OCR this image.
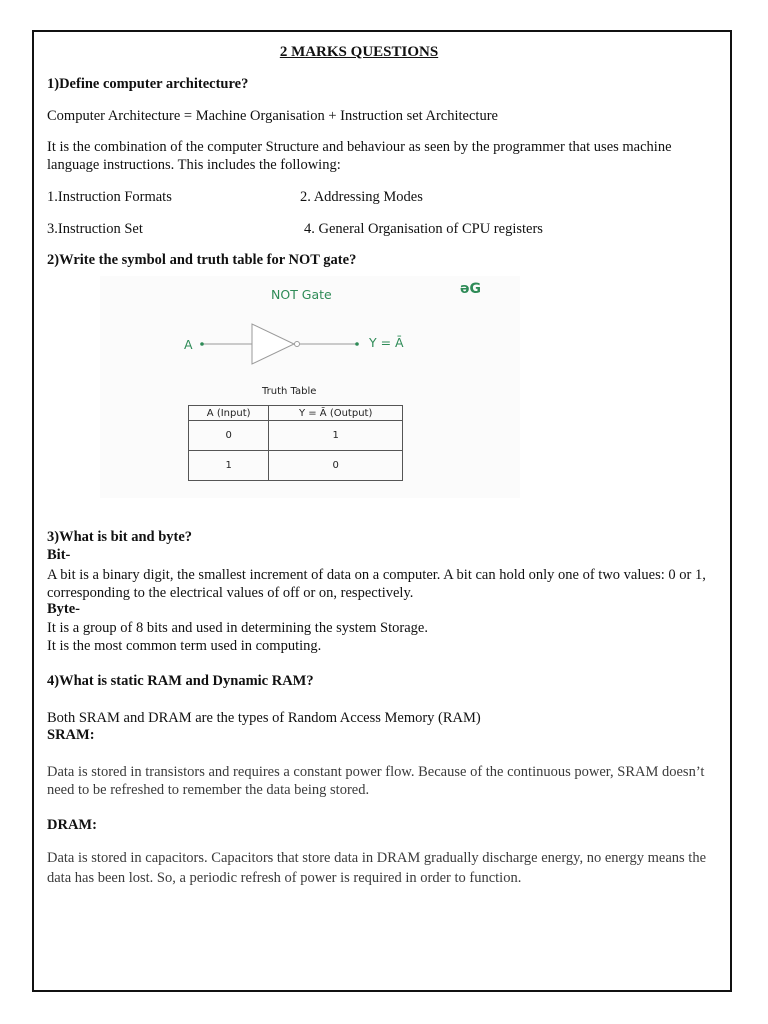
2 MARKS QUESTIONS
1)Define computer architecture?
Computer Architecture = Machine Organisation + Instruction set Architecture
It is the combination of the computer Structure and behaviour as seen by the programmer that uses machine language instructions. This includes the following:
1.Instruction Formats	2. Addressing Modes
3.Instruction Set	4. General Organisation of CPU registers
2)Write the symbol and truth table for NOT gate?
NOT Gate	əG
A	Y = Ā
Truth Table
A (Input)	Y = Ā (Output)
0	1
1	0
3)What is bit and byte?
Bit-
A bit is a binary digit, the smallest increment of data on a computer. A bit can hold only one of two values: 0 or 1, corresponding to the electrical values of off or on, respectively.
Byte-
It is a group of 8 bits and used in determining the system Storage.
It is the most common term used in computing.
4)What is static RAM and Dynamic RAM?
Both SRAM and DRAM are the types of Random Access Memory (RAM)
SRAM:
Data is stored in transistors and requires a constant power flow. Because of the continuous power, SRAM doesn’t need to be refreshed to remember the data being stored.
DRAM:
Data is stored in capacitors. Capacitors that store data in DRAM gradually discharge energy, no energy means the data has been lost. So, a periodic refresh of power is required in order to function.
